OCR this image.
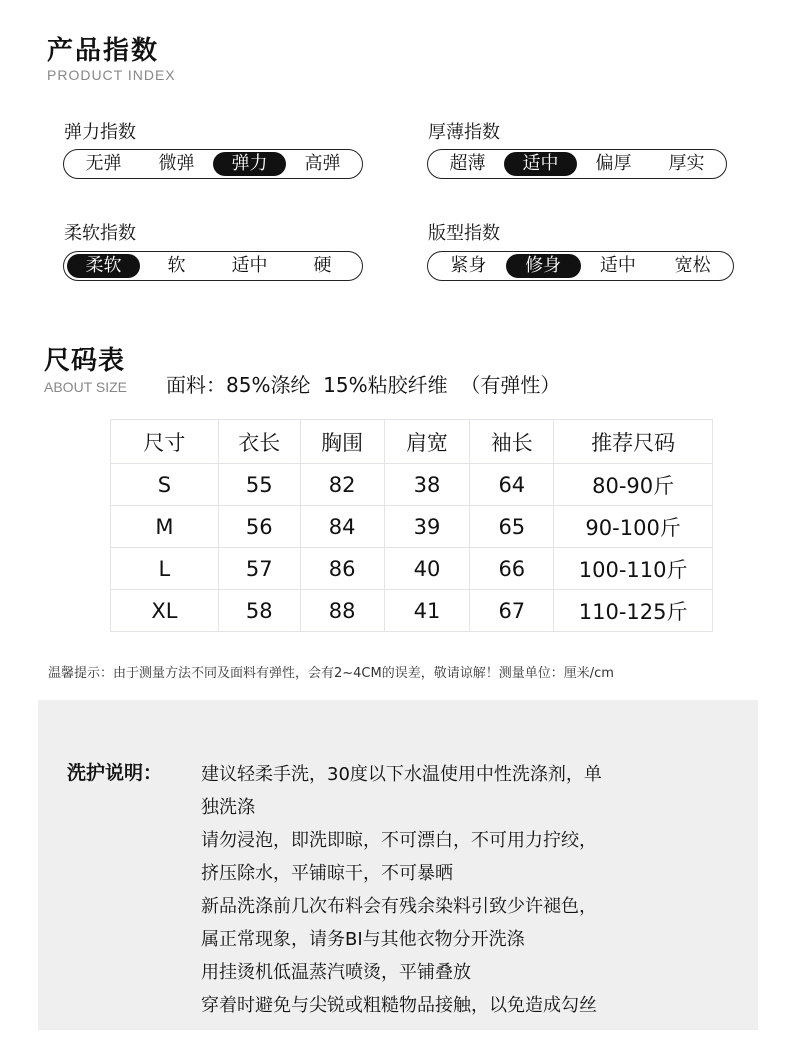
产品指数
PRODUCT INDEX
弹力指数
无弹	微弹	弹力	高弹
厚薄指数
超薄	适中	偏厚	厚实
柔软指数
柔软	软	适中	硬
版型指数
紧身	修身	适中	宽松
尺码表
ABOUT SIZE 面料：85%涤纶  15%粘胶纤维  （有弹性）
尺寸	衣长	胸围	肩宽	袖长	推荐尺码
S	55	82	38	64	80-90斤
M	56	84	39	65	90-100斤
L	57	86	40	66	100-110斤
XL	58	88	41	67	110-125斤
温馨提示：由于测量方法不同及面料有弹性，会有2~4CM的误差，敬请谅解！测量单位：厘米/cm
洗护说明： 建议轻柔手洗，30度以下水温使用中性洗涤剂，单
独洗涤
请勿浸泡，即洗即晾，不可漂白，不可用力拧绞，
挤压除水，平铺晾干，不可暴晒
新品洗涤前几次布料会有残余染料引致少许褪色，
属正常现象，请务BI与其他衣物分开洗涤
用挂烫机低温蒸汽喷烫，平铺叠放
穿着时避免与尖锐或粗糙物品接触，以免造成勾丝
